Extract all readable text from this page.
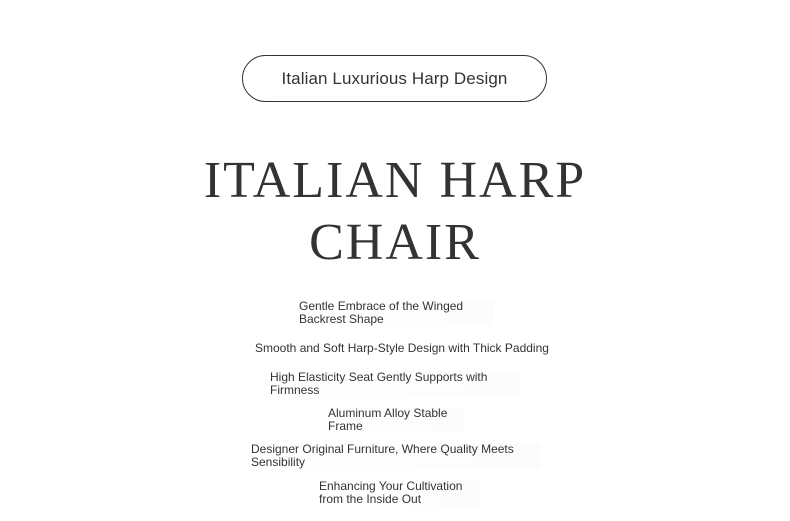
Italian Luxurious Harp Design
ITALIAN HARP
CHAIR
Gentle Embrace of the Winged Backrest Shape
Smooth and Soft Harp-Style Design with Thick Padding
High Elasticity Seat Gently Supports with Firmness
Aluminum Alloy Stable Frame
Designer Original Furniture, Where Quality Meets Sensibility
Enhancing Your Cultivation from the Inside Out
